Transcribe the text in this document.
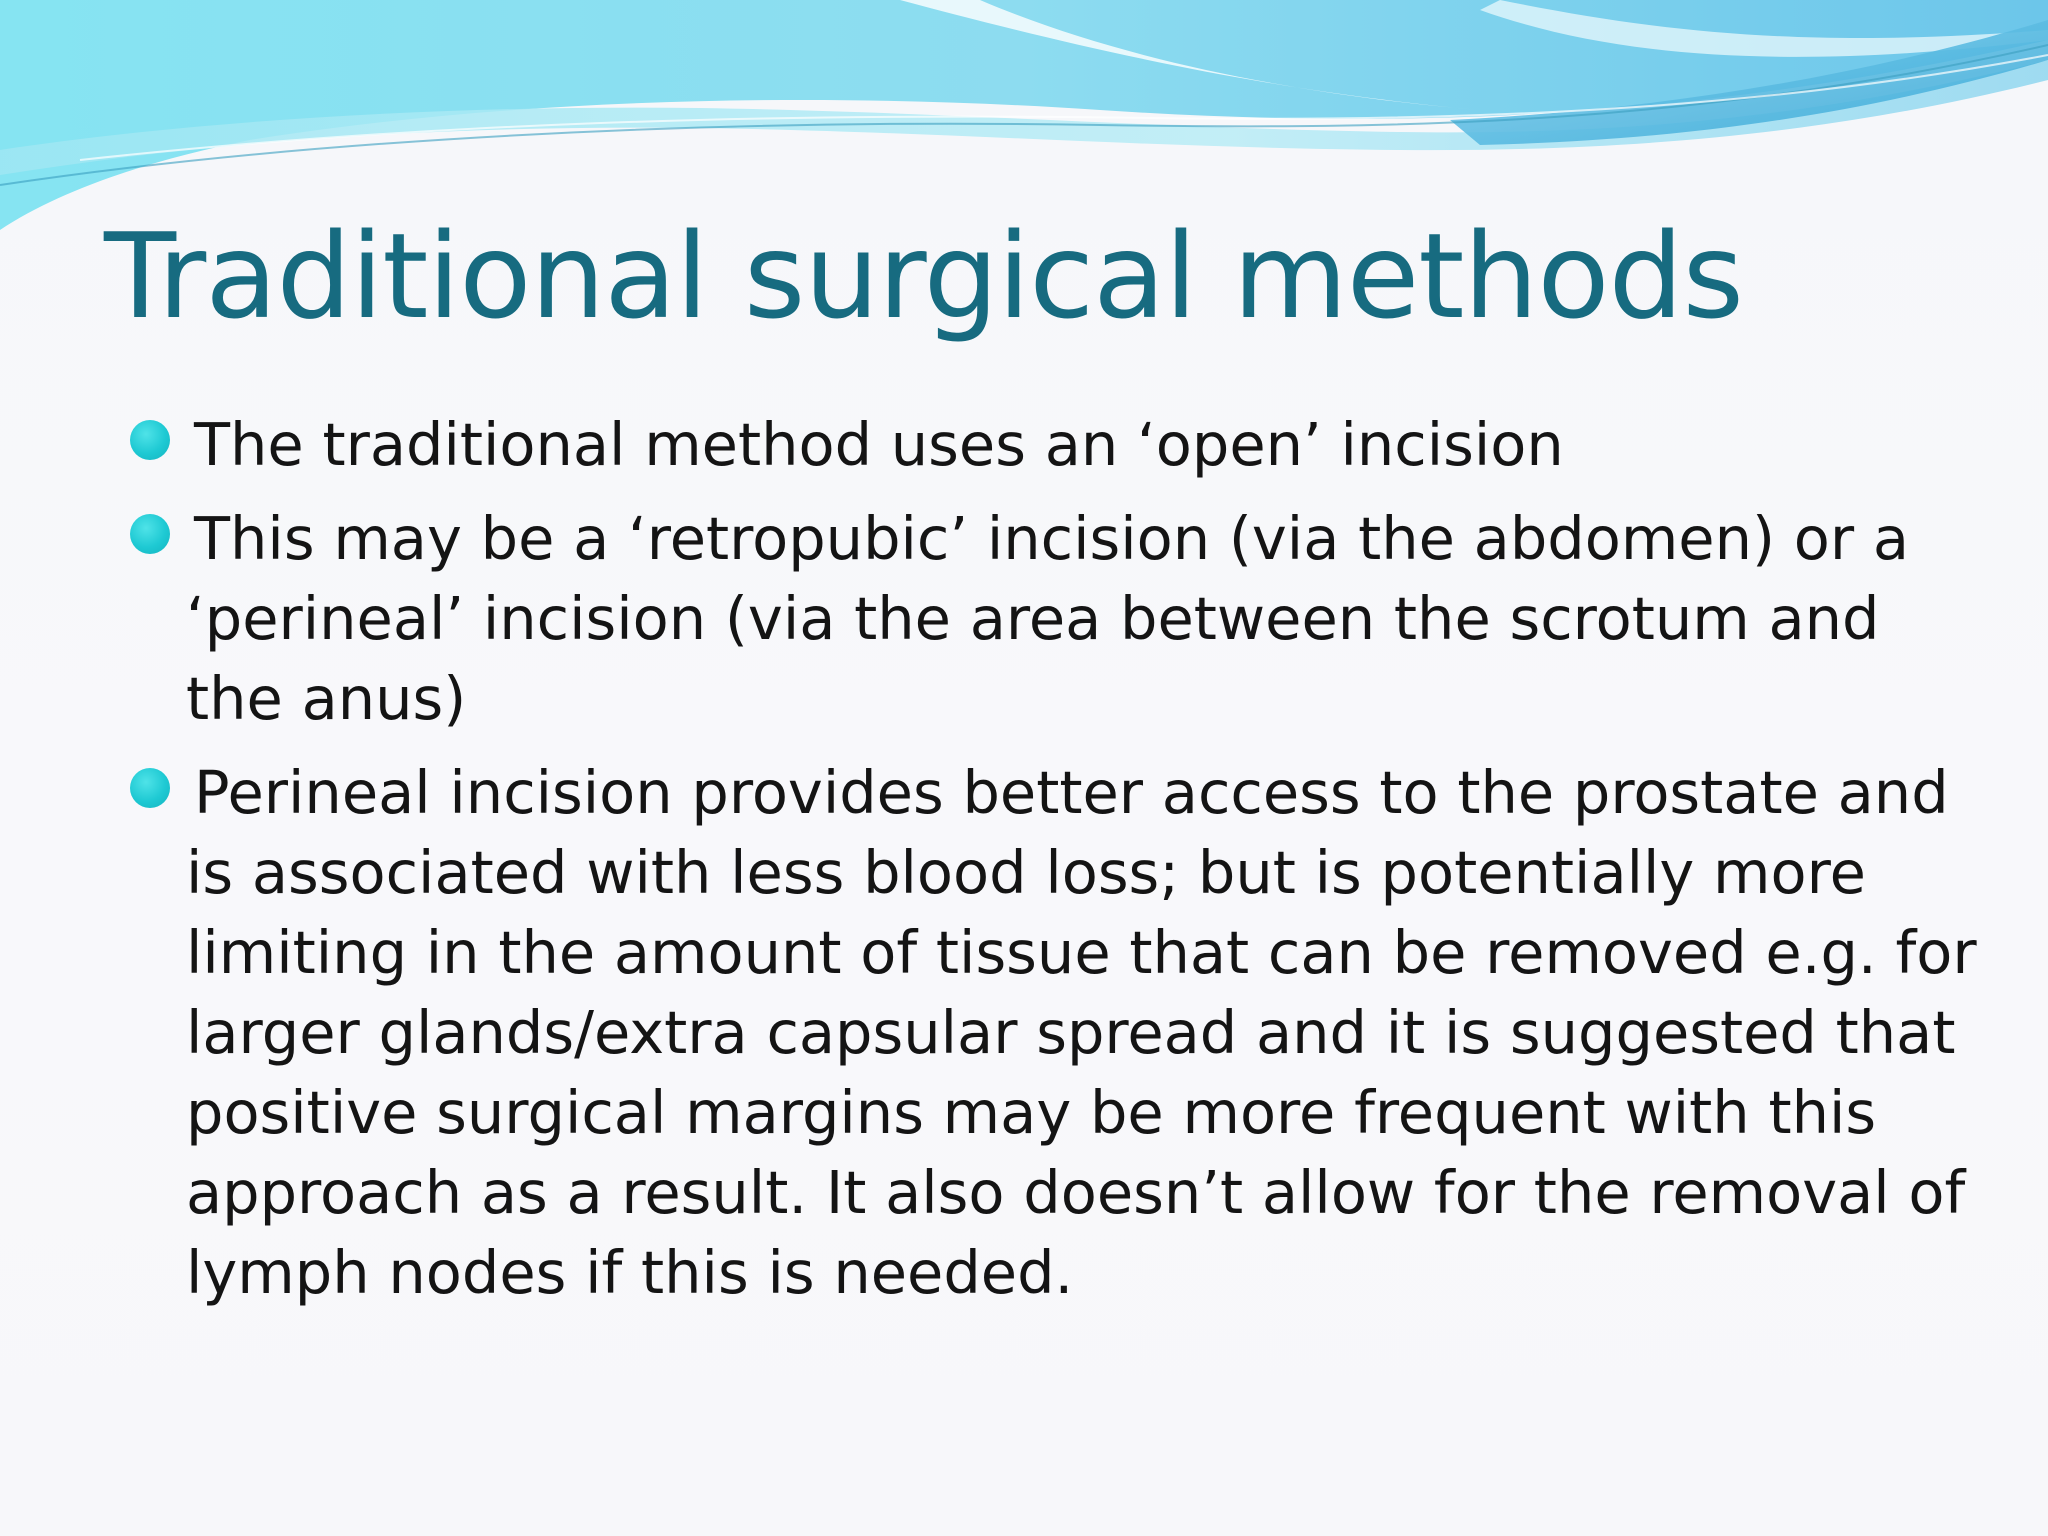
Traditional surgical methods
The traditional method uses an ‘open’ incision
This may be a ‘retropubic’ incision (via the abdomen) or a ‘perineal’ incision (via the area between the scrotum and the anus)
Perineal incision provides better access to the prostate and is associated with less blood loss; but is potentially more limiting in the amount of tissue that can be removed e.g. for larger glands/extra capsular spread and it is suggested that positive surgical margins may be more frequent with this approach as a result. It also doesn’t allow for the removal of lymph nodes if this is needed.
